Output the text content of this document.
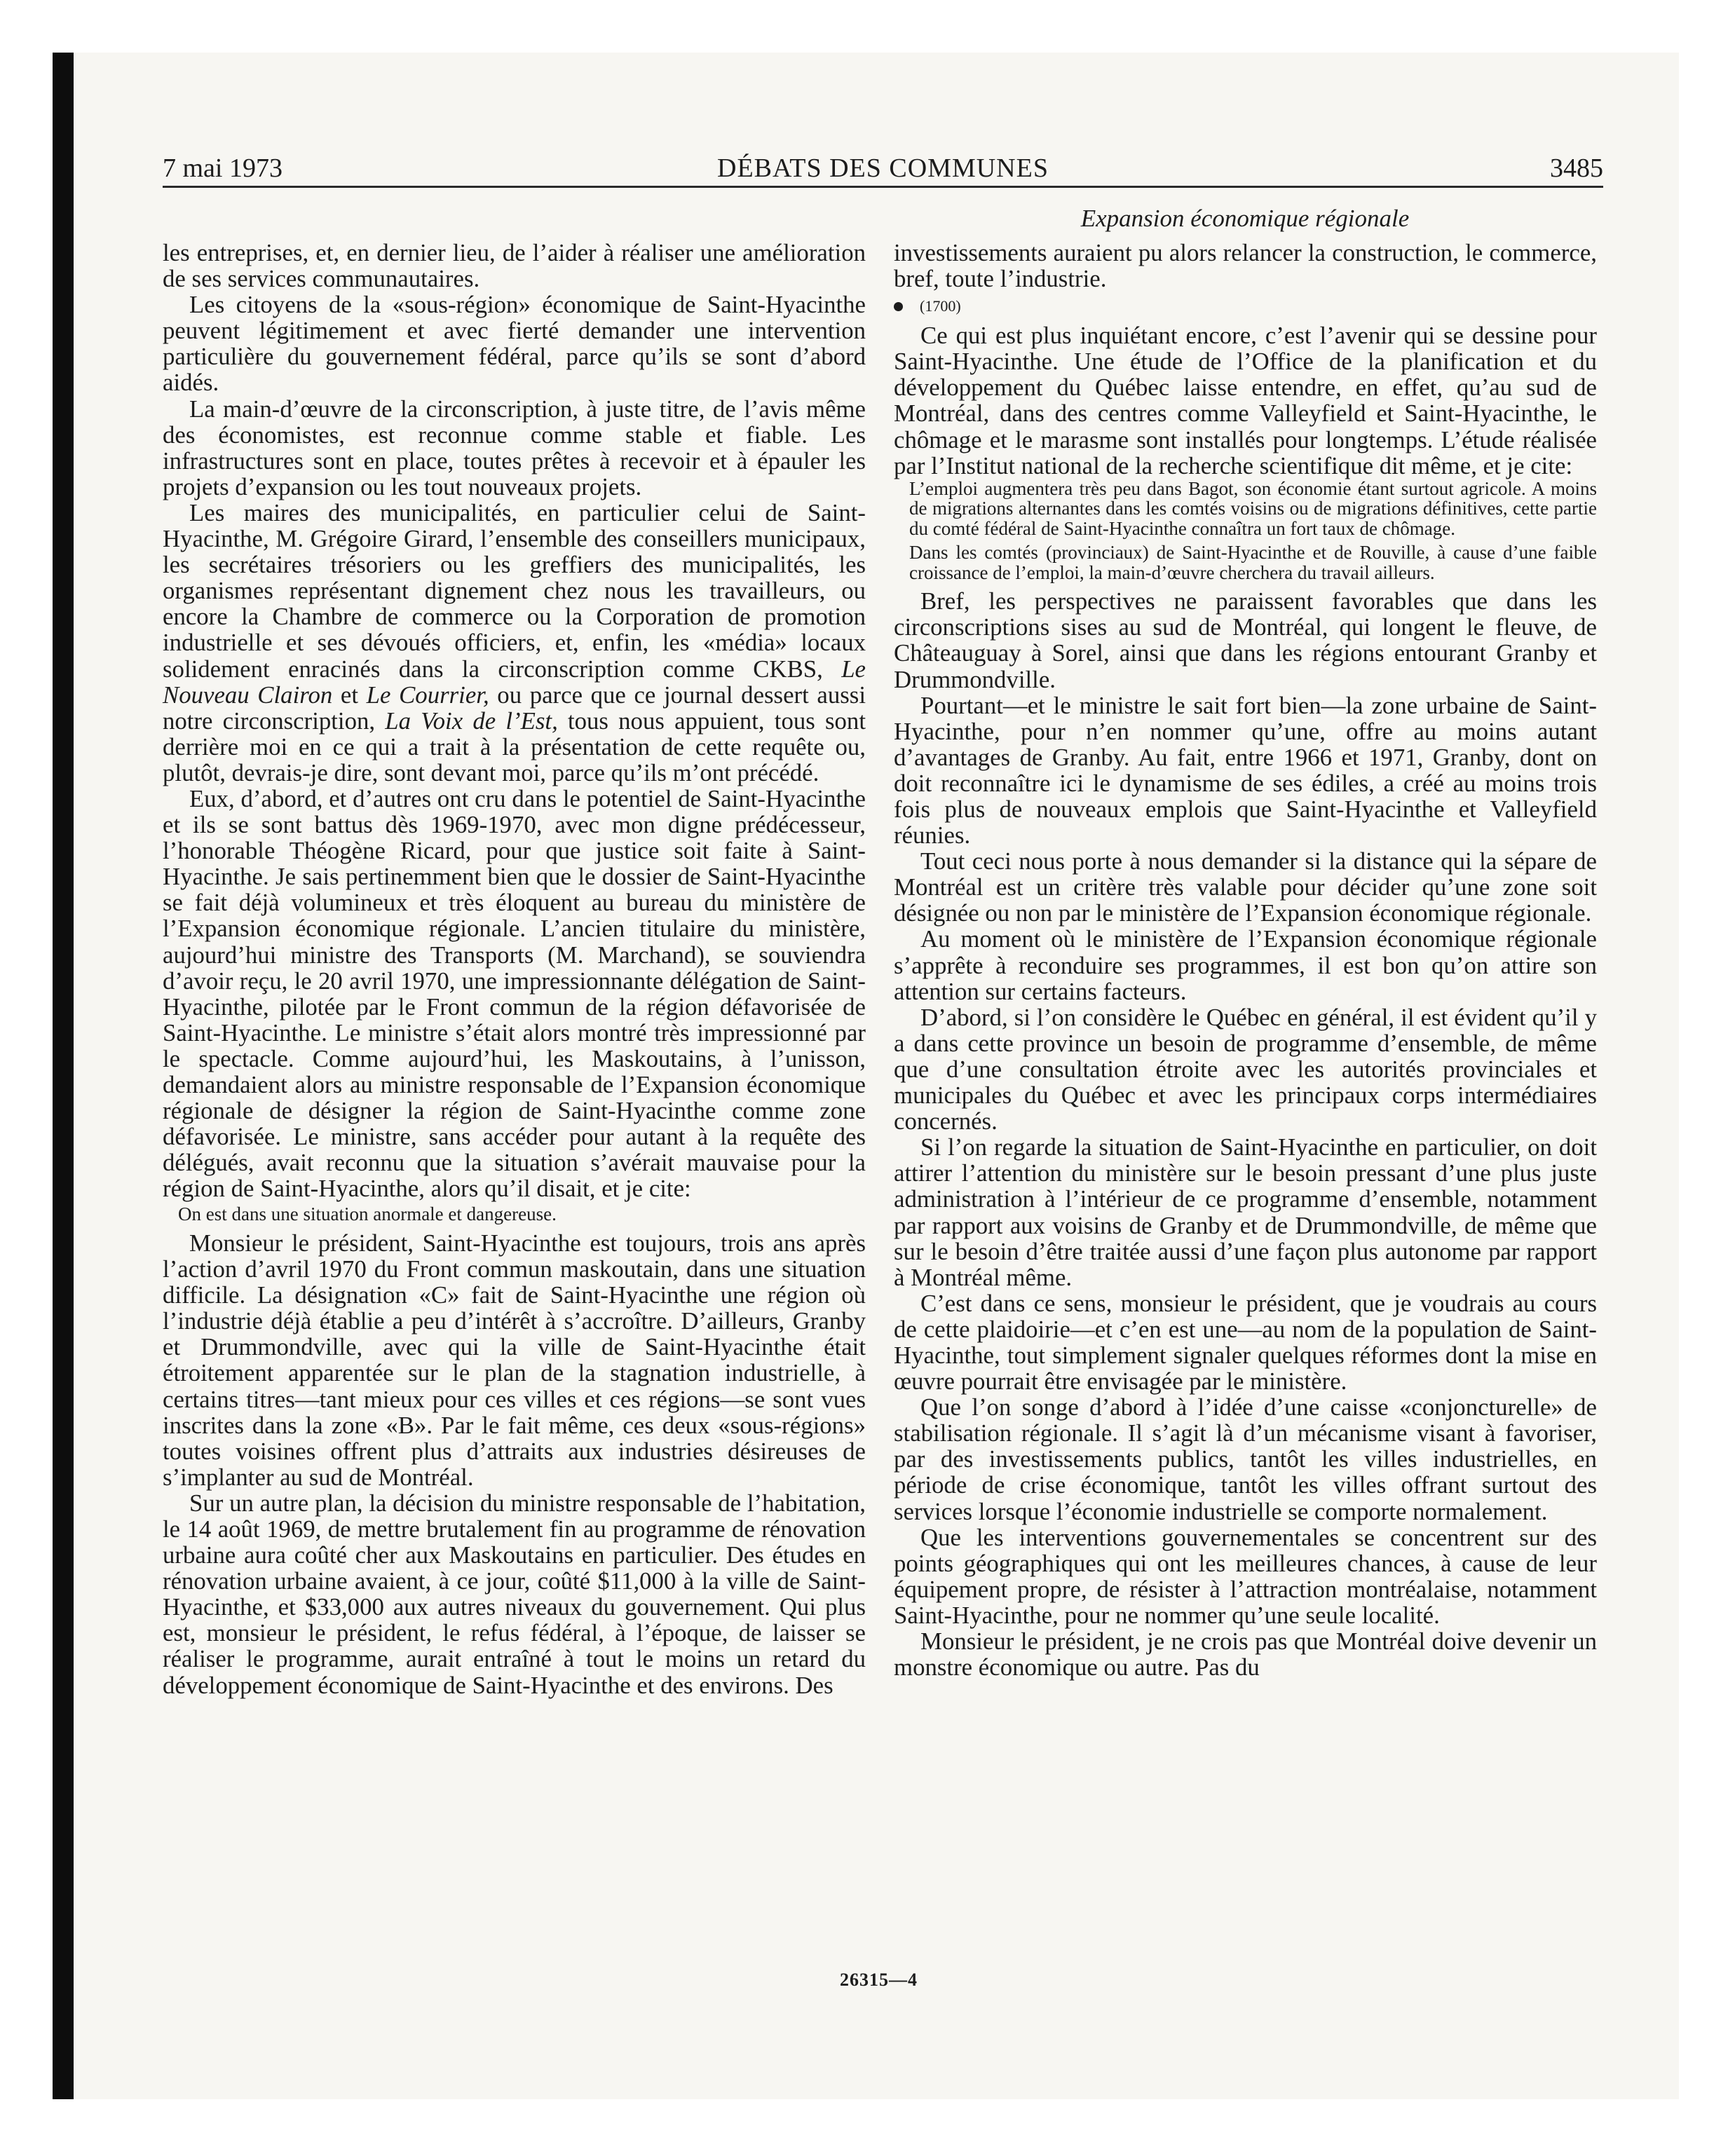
7 mai 1973	DÉBATS DES COMMUNES	3485
Expansion économique régionale

les entreprises, et, en dernier lieu, de l’aider à réaliser une amélioration de ses services communautaires.

Les citoyens de la «sous-région» économique de Saint-Hyacinthe peuvent légitimement et avec fierté demander une intervention particulière du gouvernement fédéral, parce qu’ils se sont d’abord aidés.

La main-d’œuvre de la circonscription, à juste titre, de l’avis même des économistes, est reconnue comme stable et fiable. Les infrastructures sont en place, toutes prêtes à recevoir et à épauler les projets d’expansion ou les tout nouveaux projets.

Les maires des municipalités, en particulier celui de Saint-Hyacinthe, M. Grégoire Girard, l’ensemble des conseillers municipaux, les secrétaires trésoriers ou les greffiers des municipalités, les organismes représentant dignement chez nous les travailleurs, ou encore la Chambre de commerce ou la Corporation de promotion industrielle et ses dévoués officiers, et, enfin, les «média» locaux solidement enracinés dans la circonscription comme CKBS, Le Nouveau Clairon et Le Courrier, ou parce que ce journal dessert aussi notre circonscription, La Voix de l’Est, tous nous appuient, tous sont derrière moi en ce qui a trait à la présentation de cette requête ou, plutôt, devrais-je dire, sont devant moi, parce qu’ils m’ont précédé.

Eux, d’abord, et d’autres ont cru dans le potentiel de Saint-Hyacinthe et ils se sont battus dès 1969-1970, avec mon digne prédécesseur, l’honorable Théogène Ricard, pour que justice soit faite à Saint-Hyacinthe. Je sais pertinemment bien que le dossier de Saint-Hyacinthe se fait déjà volumineux et très éloquent au bureau du ministère de l’Expansion économique régionale. L’ancien titulaire du ministère, aujourd’hui ministre des Transports (M. Marchand), se souviendra d’avoir reçu, le 20 avril 1970, une impressionnante délégation de Saint-Hyacinthe, pilotée par le Front commun de la région défavorisée de Saint-Hyacinthe. Le ministre s’était alors montré très impressionné par le spectacle. Comme aujourd’hui, les Maskoutains, à l’unisson, demandaient alors au ministre responsable de l’Expansion économique régionale de désigner la région de Saint-Hyacinthe comme zone défavorisée. Le ministre, sans accéder pour autant à la requête des délégués, avait reconnu que la situation s’avérait mauvaise pour la région de Saint-Hyacinthe, alors qu’il disait, et je cite:

On est dans une situation anormale et dangereuse.

Monsieur le président, Saint-Hyacinthe est toujours, trois ans après l’action d’avril 1970 du Front commun maskoutain, dans une situation difficile. La désignation «C» fait de Saint-Hyacinthe une région où l’industrie déjà établie a peu d’intérêt à s’accroître. D’ailleurs, Granby et Drummondville, avec qui la ville de Saint-Hyacinthe était étroitement apparentée sur le plan de la stagnation industrielle, à certains titres—tant mieux pour ces villes et ces régions—se sont vues inscrites dans la zone «B». Par le fait même, ces deux «sous-régions» toutes voisines offrent plus d’attraits aux industries désireuses de s’implanter au sud de Montréal.

Sur un autre plan, la décision du ministre responsable de l’habitation, le 14 août 1969, de mettre brutalement fin au programme de rénovation urbaine aura coûté cher aux Maskoutains en particulier. Des études en rénovation urbaine avaient, à ce jour, coûté $11,000 à la ville de Saint-Hyacinthe, et $33,000 aux autres niveaux du gouvernement. Qui plus est, monsieur le président, le refus fédéral, à l’époque, de laisser se réaliser le programme, aurait entraîné à tout le moins un retard du développement économique de Saint-Hyacinthe et des environs. Des

investissements auraient pu alors relancer la construction, le commerce, bref, toute l’industrie.

(1700)

Ce qui est plus inquiétant encore, c’est l’avenir qui se dessine pour Saint-Hyacinthe. Une étude de l’Office de la planification et du développement du Québec laisse entendre, en effet, qu’au sud de Montréal, dans des centres comme Valleyfield et Saint-Hyacinthe, le chômage et le marasme sont installés pour longtemps. L’étude réalisée par l’Institut national de la recherche scientifique dit même, et je cite:

L’emploi augmentera très peu dans Bagot, son économie étant surtout agricole. A moins de migrations alternantes dans les comtés voisins ou de migrations définitives, cette partie du comté fédéral de Saint-Hyacinthe connaîtra un fort taux de chômage.

Dans les comtés (provinciaux) de Saint-Hyacinthe et de Rouville, à cause d’une faible croissance de l’emploi, la main-d’œuvre cherchera du travail ailleurs.

Bref, les perspectives ne paraissent favorables que dans les circonscriptions sises au sud de Montréal, qui longent le fleuve, de Châteauguay à Sorel, ainsi que dans les régions entourant Granby et Drummondville.

Pourtant—et le ministre le sait fort bien—la zone urbaine de Saint-Hyacinthe, pour n’en nommer qu’une, offre au moins autant d’avantages de Granby. Au fait, entre 1966 et 1971, Granby, dont on doit reconnaître ici le dynamisme de ses édiles, a créé au moins trois fois plus de nouveaux emplois que Saint-Hyacinthe et Valleyfield réunies.

Tout ceci nous porte à nous demander si la distance qui la sépare de Montréal est un critère très valable pour décider qu’une zone soit désignée ou non par le ministère de l’Expansion économique régionale.

Au moment où le ministère de l’Expansion économique régionale s’apprête à reconduire ses programmes, il est bon qu’on attire son attention sur certains facteurs.

D’abord, si l’on considère le Québec en général, il est évident qu’il y a dans cette province un besoin de programme d’ensemble, de même que d’une consultation étroite avec les autorités provinciales et municipales du Québec et avec les principaux corps intermédiaires concernés.

Si l’on regarde la situation de Saint-Hyacinthe en particulier, on doit attirer l’attention du ministère sur le besoin pressant d’une plus juste administration à l’intérieur de ce programme d’ensemble, notamment par rapport aux voisins de Granby et de Drummondville, de même que sur le besoin d’être traitée aussi d’une façon plus autonome par rapport à Montréal même.

C’est dans ce sens, monsieur le président, que je voudrais au cours de cette plaidoirie—et c’en est une—au nom de la population de Saint-Hyacinthe, tout simplement signaler quelques réformes dont la mise en œuvre pourrait être envisagée par le ministère.

Que l’on songe d’abord à l’idée d’une caisse «conjoncturelle» de stabilisation régionale. Il s’agit là d’un mécanisme visant à favoriser, par des investissements publics, tantôt les villes industrielles, en période de crise économique, tantôt les villes offrant surtout des services lorsque l’économie industrielle se comporte normalement.

Que les interventions gouvernementales se concentrent sur des points géographiques qui ont les meilleures chances, à cause de leur équipement propre, de résister à l’attraction montréalaise, notamment Saint-Hyacinthe, pour ne nommer qu’une seule localité.

Monsieur le président, je ne crois pas que Montréal doive devenir un monstre économique ou autre. Pas du

26315—4
